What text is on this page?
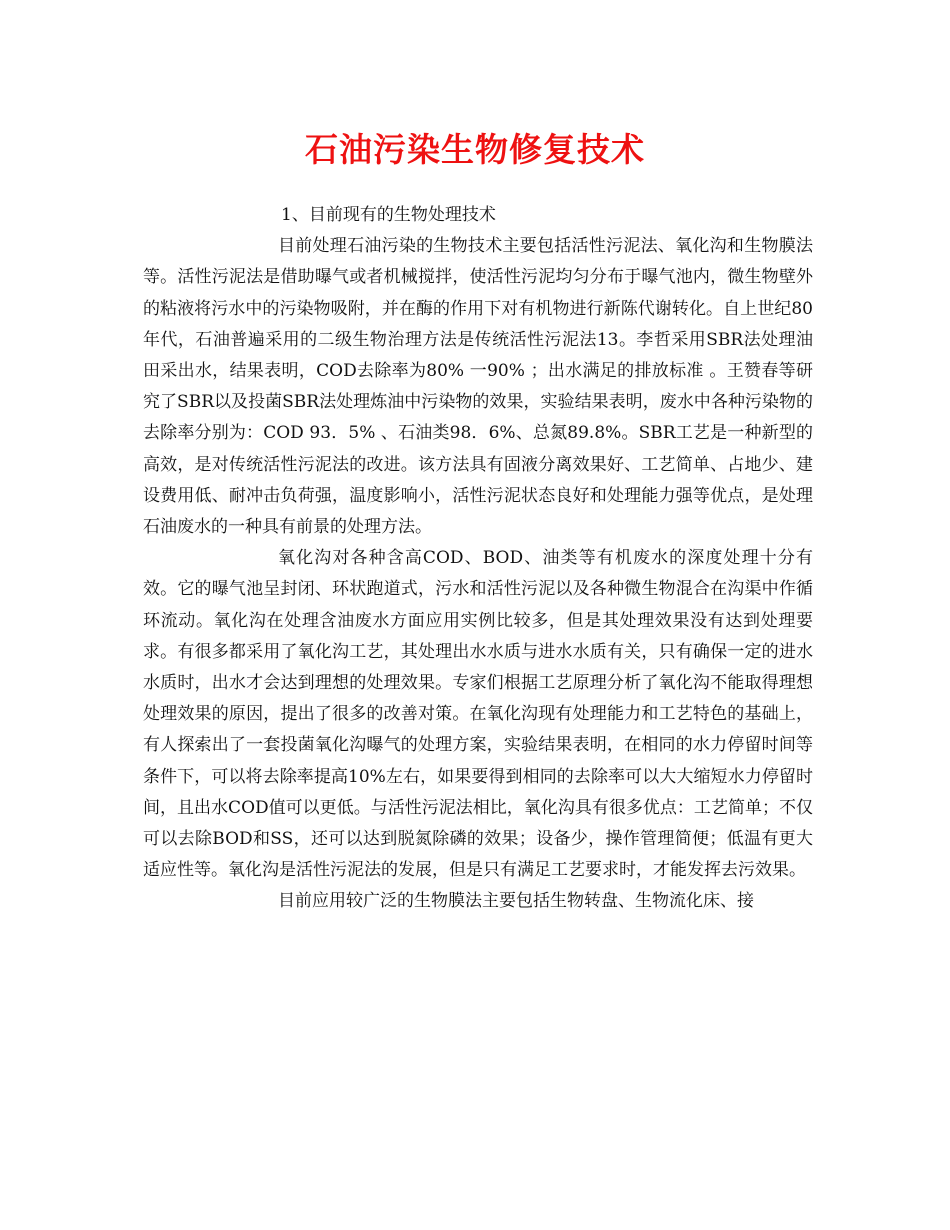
石油污染生物修复技术

1、目前现有的生物处理技术

目前处理石油污染的生物技术主要包括活性污泥法、氧化沟和生物膜法等。活性污泥法是借助曝气或者机械搅拌，使活性污泥均匀分布于曝气池内，微生物壁外的粘液将污水中的污染物吸附，并在酶的作用下对有机物进行新陈代谢转化。自上世纪80年代，石油普遍采用的二级生物治理方法是传统活性污泥法13。李哲采用SBR法处理油田采出水，结果表明，COD去除率为80% 一90% ；出水满足的排放标准 。王赞春等研究了SBR以及投菌SBR法处理炼油中污染物的效果，实验结果表明，废水中各种污染物的去除率分别为：COD 93．5% 、石油类98．6%、总氮89.8%。SBR工艺是一种新型的高效，是对传统活性污泥法的改进。该方法具有固液分离效果好、工艺简单、占地少、建设费用低、耐冲击负荷强，温度影响小，活性污泥状态良好和处理能力强等优点，是处理石油废水的一种具有前景的处理方法。

氧化沟对各种含高COD、BOD、油类等有机废水的深度处理十分有效。它的曝气池呈封闭、环状跑道式，污水和活性污泥以及各种微生物混合在沟渠中作循环流动。氧化沟在处理含油废水方面应用实例比较多，但是其处理效果没有达到处理要求。有很多都采用了氧化沟工艺，其处理出水水质与进水水质有关，只有确保一定的进水水质时，出水才会达到理想的处理效果。专家们根据工艺原理分析了氧化沟不能取得理想处理效果的原因，提出了很多的改善对策。在氧化沟现有处理能力和工艺特色的基础上，有人探索出了一套投菌氧化沟曝气的处理方案，实验结果表明，在相同的水力停留时间等条件下，可以将去除率提高10%左右，如果要得到相同的去除率可以大大缩短水力停留时间，且出水COD值可以更低。与活性污泥法相比，氧化沟具有很多优点：工艺简单；不仅可以去除BOD和SS，还可以达到脱氮除磷的效果；设备少，操作管理简便；低温有更大适应性等。氧化沟是活性污泥法的发展，但是只有满足工艺要求时，才能发挥去污效果。

目前应用较广泛的生物膜法主要包括生物转盘、生物流化床、接
